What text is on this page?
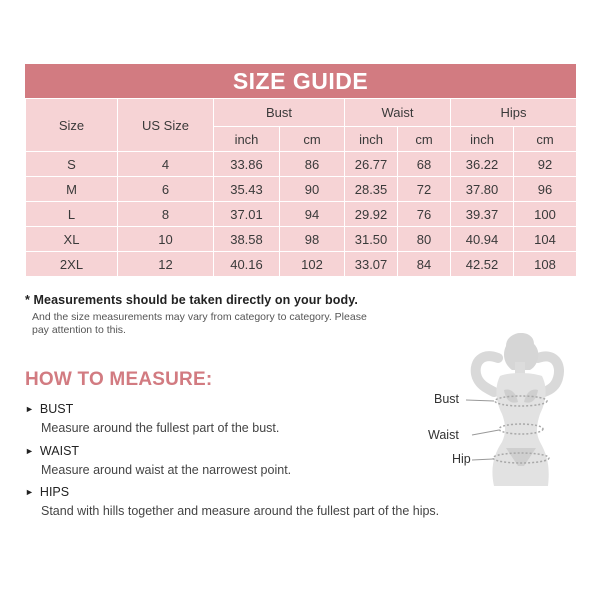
SIZE GUIDE
Size	US Size	Bust		Waist		Hips	
		inch	cm	inch	cm	inch	cm
S	4	33.86	86	26.77	68	36.22	92
M	6	35.43	90	28.35	72	37.80	96
L	8	37.01	94	29.92	76	39.37	100
XL	10	38.58	98	31.50	80	40.94	104
2XL	12	40.16	102	33.07	84	42.52	108
* Measurements should be taken directly on your body.
And the size measurements may vary from category to category. Please pay attention to this.
HOW TO MEASURE:
► BUST
Measure around the fullest part of the bust.
► WAIST
Measure around waist at the narrowest point.
► HIPS
Stand with hills together and measure around the fullest part of the hips.
Bust
Waist
Hip
